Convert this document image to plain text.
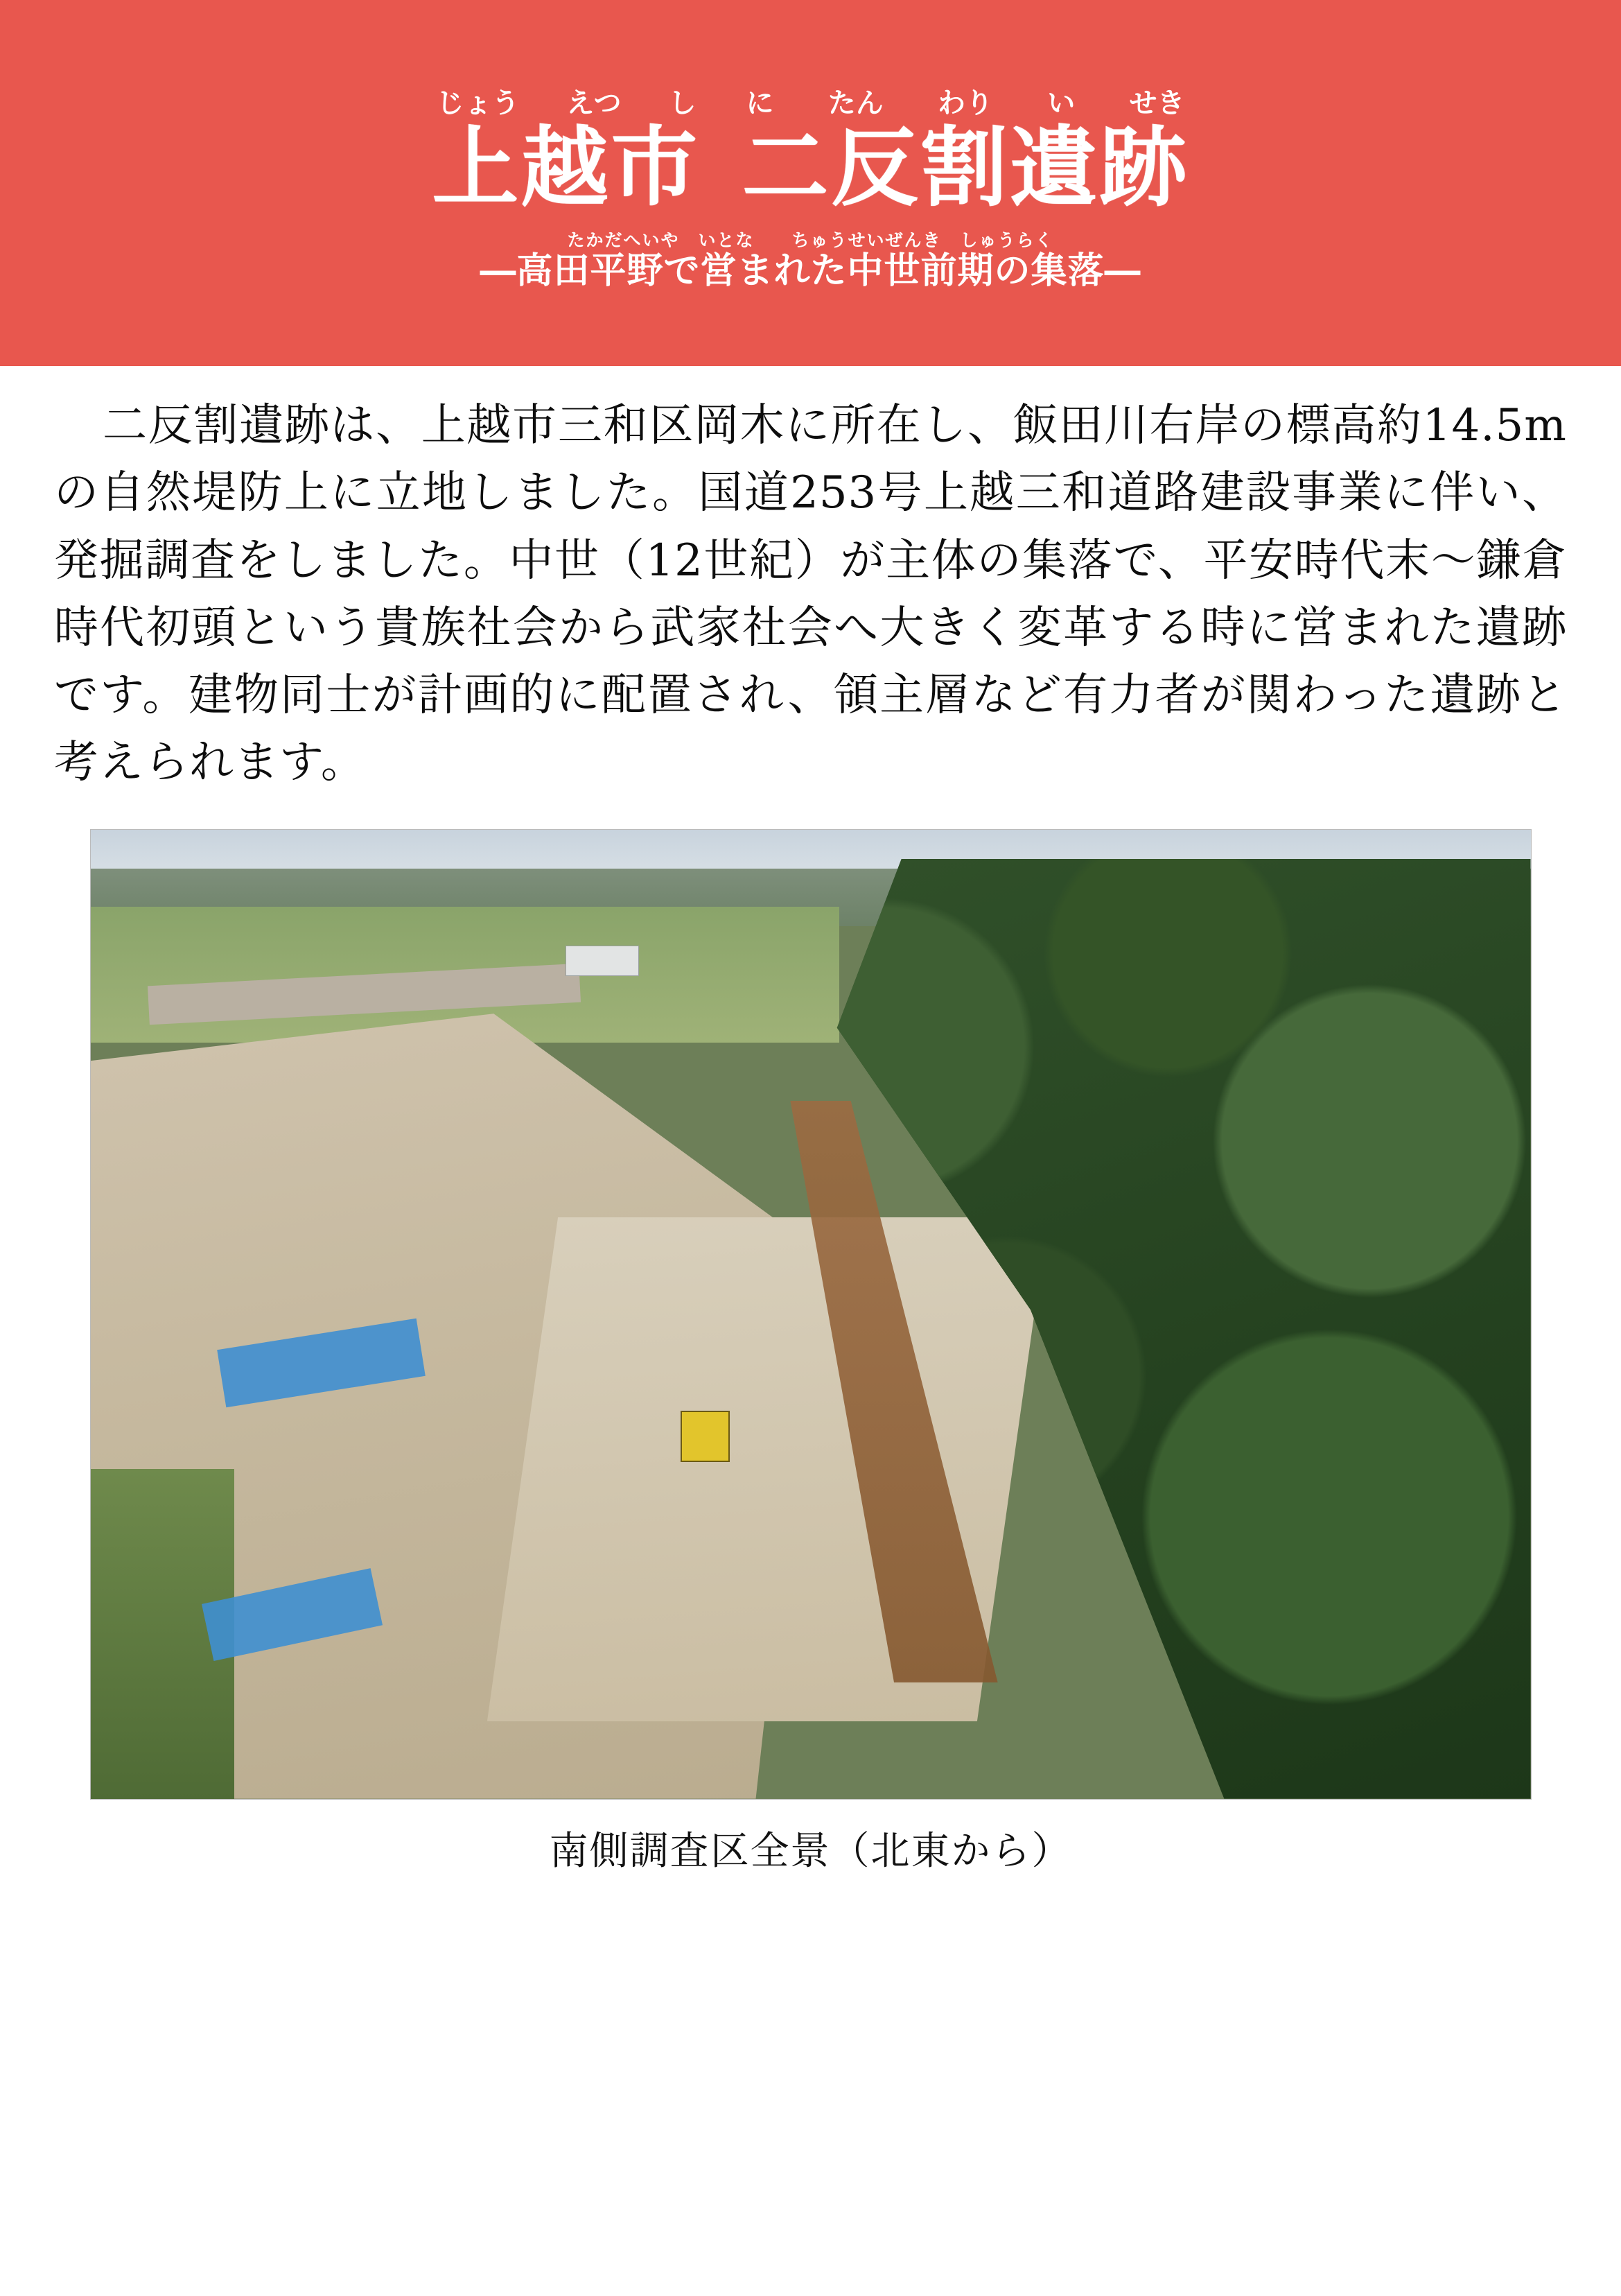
じょう えつ し
上越市
に たん わり い せき
二反割遺跡
たかだへいや　いとな　　ちゅうせいぜんき　しゅうらく
―高田平野で営まれた中世前期の集落―

二反割遺跡は、上越市三和区岡木に所在し、飯田川右岸の標高約14.5mの自然堤防上に立地しました。国道253号上越三和道路建設事業に伴い、発掘調査をしました。中世（12世紀）が主体の集落で、平安時代末～鎌倉時代初頭という貴族社会から武家社会へ大きく変革する時に営まれた遺跡です。建物同士が計画的に配置され、領主層など有力者が関わった遺跡と考えられます。

南側調査区全景（北東から）
